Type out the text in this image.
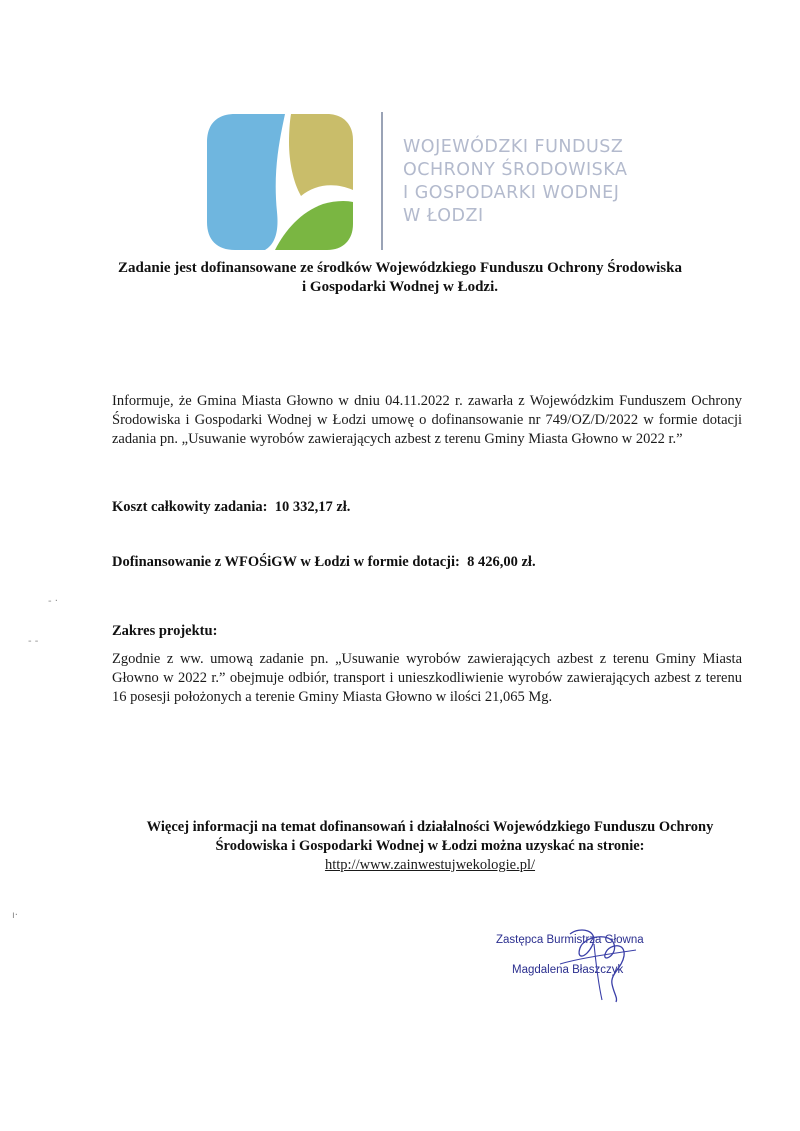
WOJEWÓDZKI FUNDUSZ
OCHRONY ŚRODOWISKA
I GOSPODARKI WODNEJ
W ŁODZI
Zadanie jest dofinansowane ze środków Wojewódzkiego Funduszu Ochrony Środowiska
i Gospodarki Wodnej w Łodzi.
Informuje, że Gmina Miasta Głowno w dniu 04.11.2022 r. zawarła z Wojewódzkim Funduszem Ochrony Środowiska i Gospodarki Wodnej w Łodzi umowę o dofinansowanie nr 749/OZ/D/2022 w formie dotacji zadania pn. „Usuwanie wyrobów zawierających azbest z terenu Gminy Miasta Głowno w 2022 r.”
Koszt całkowity zadania: 10 332,17 zł.
Dofinansowanie z WFOŚiGW w Łodzi w formie dotacji: 8 426,00 zł.
Zakres projektu:
Zgodnie z ww. umową zadanie pn. „Usuwanie wyrobów zawierających azbest z terenu Gminy Miasta Głowno w 2022 r.” obejmuje odbiór, transport i unieszkodliwienie wyrobów zawierających azbest z terenu 16 posesji położonych a terenie Gminy Miasta Głowno w ilości 21,065 Mg.
Więcej informacji na temat dofinansowań i działalności Wojewódzkiego Funduszu Ochrony
Środowiska i Gospodarki Wodnej w Łodzi można uzyskać na stronie:
http://www.zainwestujwekologie.pl/
Zastępca Burmistrza Głowna
Magdalena Błaszczyk
- ·
- -
ı·
